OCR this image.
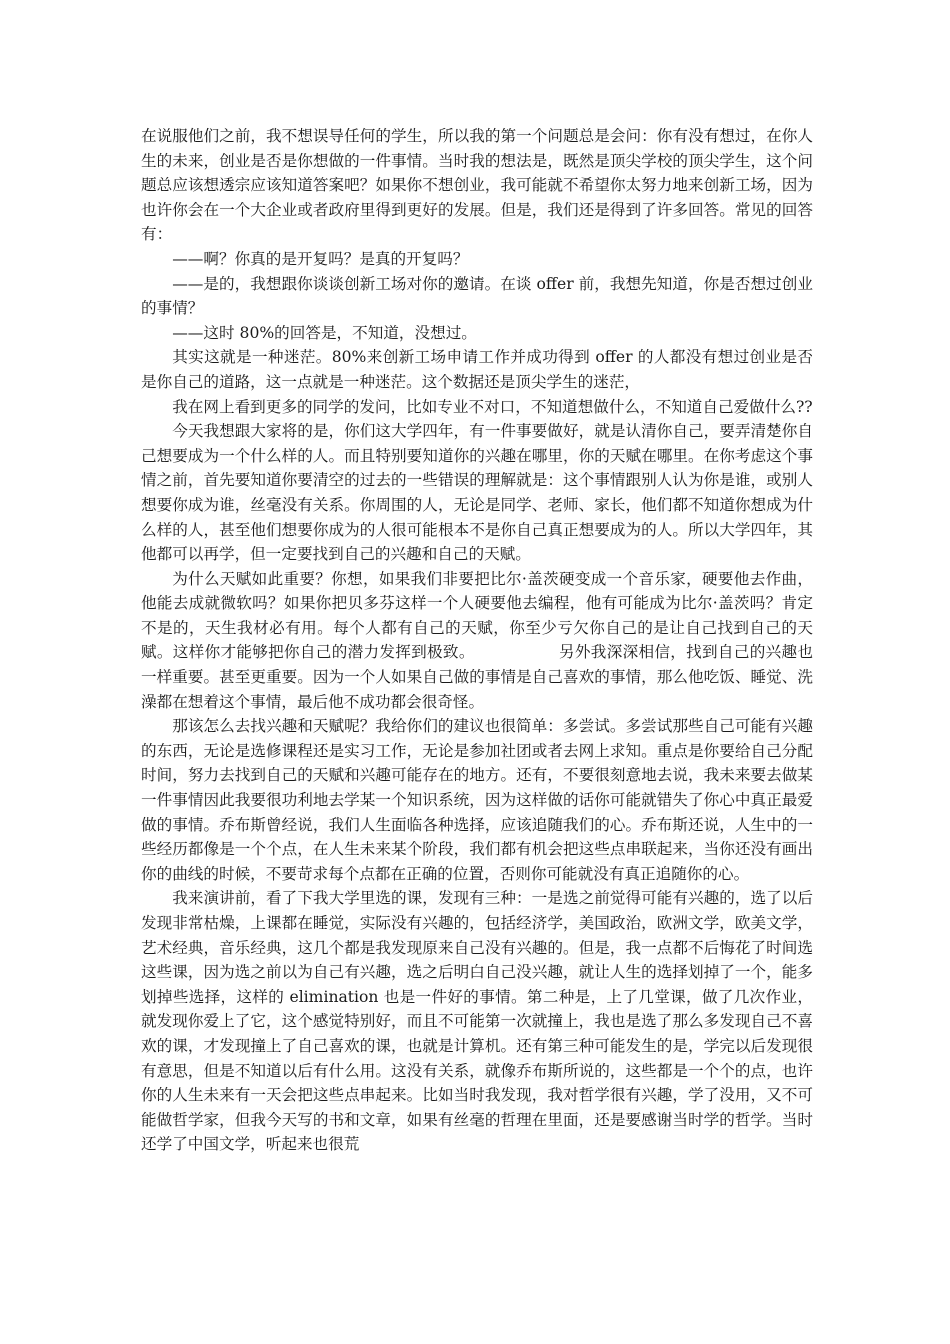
在说服他们之前，我不想误导任何的学生，所以我的第一个问题总是会问：你有没有想过，在你人生的未来，创业是否是你想做的一件事情。当时我的想法是，既然是顶尖学校的顶尖学生，这个问题总应该想透宗应该知道答案吧？如果你不想创业，我可能就不希望你太努力地来创新工场，因为也许你会在一个大企业或者政府里得到更好的发展。但是，我们还是得到了许多回答。常见的回答有：

——啊？你真的是开复吗？是真的开复吗？

——是的，我想跟你谈谈创新工场对你的邀请。在谈 offer 前，我想先知道，你是否想过创业的事情？

——这时 80%的回答是，不知道，没想过。

其实这就是一种迷茫。80%来创新工场申请工作并成功得到 offer 的人都没有想过创业是否是你自己的道路，这一点就是一种迷茫。这个数据还是顶尖学生的迷茫，

我在网上看到更多的同学的发问，比如专业不对口，不知道想做什么，不知道自己爱做什么??

今天我想跟大家将的是，你们这大学四年，有一件事要做好，就是认清你自己，要弄清楚你自己想要成为一个什么样的人。而且特别要知道你的兴趣在哪里，你的天赋在哪里。在你考虑这个事情之前，首先要知道你要清空的过去的一些错误的理解就是：这个事情跟别人认为你是谁，或别人想要你成为谁，丝毫没有关系。你周围的人，无论是同学、老师、家长，他们都不知道你想成为什么样的人，甚至他们想要你成为的人很可能根本不是你自己真正想要成为的人。所以大学四年，其他都可以再学，但一定要找到自己的兴趣和自己的天赋。

为什么天赋如此重要？你想，如果我们非要把比尔·盖茨硬变成一个音乐家，硬要他去作曲，他能去成就微软吗？如果你把贝多芬这样一个人硬要他去编程，他有可能成为比尔·盖茨吗？肯定不是的，天生我材必有用。每个人都有自己的天赋，你至少亏欠你自己的是让自己找到自己的天赋。这样你才能够把你自己的潜力发挥到极致。	另外我深深相信，找到自己的兴趣也一样重要。甚至更重要。因为一个人如果自己做的事情是自己喜欢的事情，那么他吃饭、睡觉、洗澡都在想着这个事情，最后他不成功都会很奇怪。

那该怎么去找兴趣和天赋呢？我给你们的建议也很简单：多尝试。多尝试那些自己可能有兴趣的东西，无论是选修课程还是实习工作，无论是参加社团或者去网上求知。重点是你要给自己分配时间，努力去找到自己的天赋和兴趣可能存在的地方。还有，不要很刻意地去说，我未来要去做某一件事情因此我要很功利地去学某一个知识系统，因为这样做的话你可能就错失了你心中真正最爱做的事情。乔布斯曾经说，我们人生面临各种选择，应该追随我们的心。乔布斯还说，人生中的一些经历都像是一个个点，在人生未来某个阶段，我们都有机会把这些点串联起来，当你还没有画出你的曲线的时候，不要苛求每个点都在正确的位置，否则你可能就没有真正追随你的心。

我来演讲前，看了下我大学里选的课，发现有三种：一是选之前觉得可能有兴趣的，选了以后发现非常枯燥，上课都在睡觉，实际没有兴趣的，包括经济学，美国政治，欧洲文学，欧美文学，艺术经典，音乐经典，这几个都是我发现原来自己没有兴趣的。但是，我一点都不后悔花了时间选这些课，因为选之前以为自己有兴趣，选之后明白自己没兴趣，就让人生的选择划掉了一个，能多划掉些选择，这样的 elimination 也是一件好的事情。第二种是，上了几堂课，做了几次作业，就发现你爱上了它，这个感觉特别好，而且不可能第一次就撞上，我也是选了那么多发现自己不喜欢的课，才发现撞上了自己喜欢的课，也就是计算机。还有第三种可能发生的是，学完以后发现很有意思，但是不知道以后有什么用。这没有关系，就像乔布斯所说的，这些都是一个个的点，也许你的人生未来有一天会把这些点串起来。比如当时我发现，我对哲学很有兴趣，学了没用，又不可能做哲学家，但我今天写的书和文章，如果有丝毫的哲理在里面，还是要感谢当时学的哲学。当时还学了中国文学，听起来也很荒
